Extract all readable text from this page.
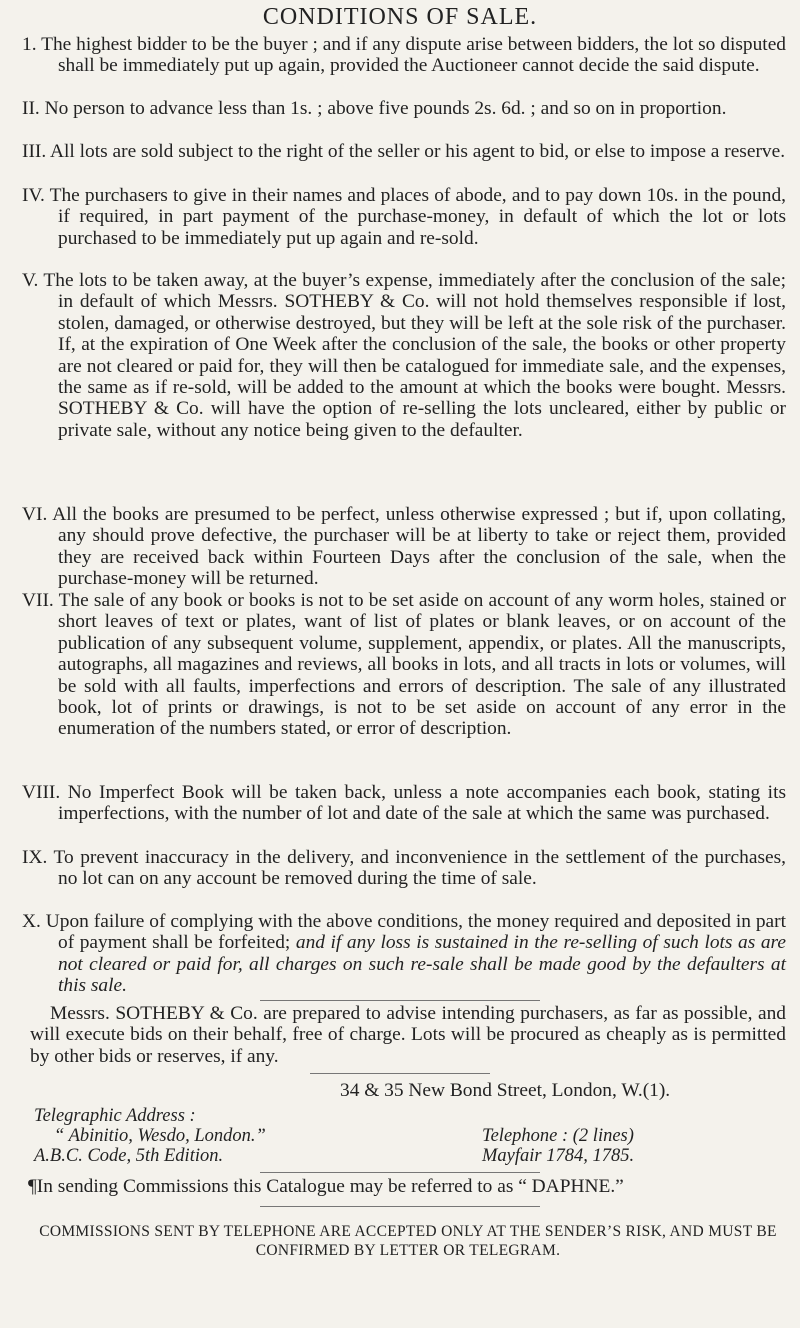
CONDITIONS OF SALE.
1. The highest bidder to be the buyer ; and if any dispute arise between bidders, the lot so disputed shall be immediately put up again, provided the Auctioneer cannot decide the said dispute.
II. No person to advance less than 1s. ; above five pounds 2s. 6d. ; and so on in proportion.
III. All lots are sold subject to the right of the seller or his agent to bid, or else to impose a reserve.
IV. The purchasers to give in their names and places of abode, and to pay down 10s. in the pound, if required, in part payment of the purchase-money, in default of which the lot or lots purchased to be immediately put up again and re-sold.
V. The lots to be taken away, at the buyer’s expense, immediately after the conclusion of the sale; in default of which Messrs. SOTHEBY & Co. will not hold themselves responsible if lost, stolen, damaged, or otherwise destroyed, but they will be left at the sole risk of the purchaser. If, at the expiration of One Week after the conclusion of the sale, the books or other property are not cleared or paid for, they will then be catalogued for immediate sale, and the expenses, the same as if re-sold, will be added to the amount at which the books were bought. Messrs. SOTHEBY & Co. will have the option of re-selling the lots uncleared, either by public or private sale, without any notice being given to the defaulter.
VI. All the books are presumed to be perfect, unless otherwise expressed ; but if, upon collating, any should prove defective, the purchaser will be at liberty to take or reject them, provided they are received back within Fourteen Days after the conclusion of the sale, when the purchase-money will be returned.
VII. The sale of any book or books is not to be set aside on account of any worm holes, stained or short leaves of text or plates, want of list of plates or blank leaves, or on account of the publication of any subsequent volume, supplement, appendix, or plates. All the manuscripts, autographs, all magazines and reviews, all books in lots, and all tracts in lots or volumes, will be sold with all faults, imperfections and errors of description. The sale of any illustrated book, lot of prints or drawings, is not to be set aside on account of any error in the enumeration of the numbers stated, or error of description.
VIII. No Imperfect Book will be taken back, unless a note accompanies each book, stating its imperfections, with the number of lot and date of the sale at which the same was purchased.
IX. To prevent inaccuracy in the delivery, and inconvenience in the settlement of the purchases, no lot can on any account be removed during the time of sale.
X. Upon failure of complying with the above conditions, the money required and deposited in part of payment shall be forfeited; and if any loss is sustained in the re-selling of such lots as are not cleared or paid for, all charges on such re-sale shall be made good by the defaulters at this sale.
Messrs. SOTHEBY & Co. are prepared to advise intending purchasers, as far as possible, and will execute bids on their behalf, free of charge. Lots will be procured as cheaply as is permitted by other bids or reserves, if any.
34 & 35 New Bond Street, London, W.(1).
Telegraphic Address :
“ Abinitio, Wesdo, London.”
A.B.C. Code, 5th Edition.
Telephone : (2 lines)
Mayfair 1784, 1785.
¶In sending Commissions this Catalogue may be referred to as “ DAPHNE.”
COMMISSIONS SENT BY TELEPHONE ARE ACCEPTED ONLY AT THE SENDER’S RISK, AND MUST BE CONFIRMED BY LETTER OR TELEGRAM.
